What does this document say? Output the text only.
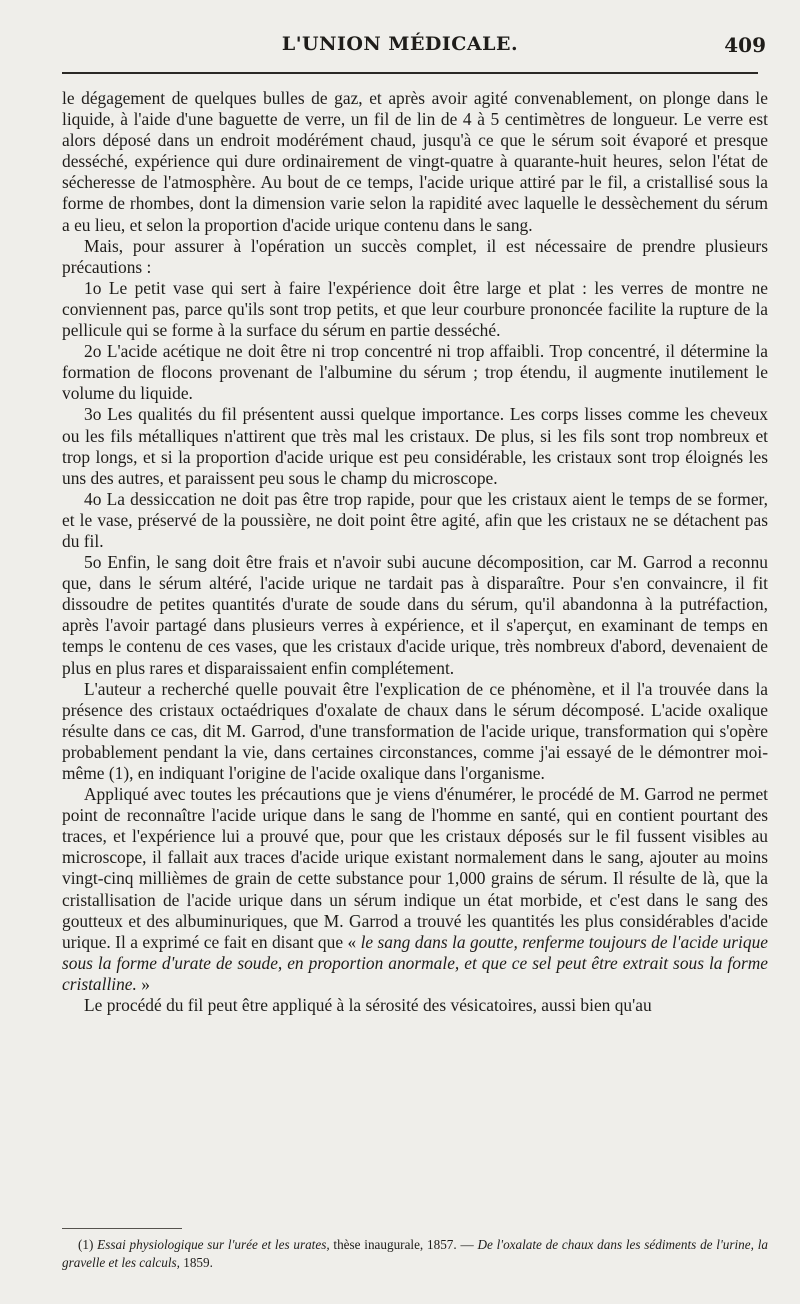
L'UNION MÉDICALE.	409

le dégagement de quelques bulles de gaz, et après avoir agité convenablement, on plonge dans le liquide, à l'aide d'une baguette de verre, un fil de lin de 4 à 5 centimètres de longueur. Le verre est alors déposé dans un endroit modérément chaud, jusqu'à ce que le sérum soit évaporé et presque desséché, expérience qui dure ordinairement de vingt-quatre à quarante-huit heures, selon l'état de sécheresse de l'atmosphère. Au bout de ce temps, l'acide urique attiré par le fil, a cristallisé sous la forme de rhombes, dont la dimension varie selon la rapidité avec laquelle le dessèchement du sérum a eu lieu, et selon la proportion d'acide urique contenu dans le sang.

Mais, pour assurer à l'opération un succès complet, il est nécessaire de prendre plusieurs précautions :

1o Le petit vase qui sert à faire l'expérience doit être large et plat : les verres de montre ne conviennent pas, parce qu'ils sont trop petits, et que leur courbure prononcée facilite la rupture de la pellicule qui se forme à la surface du sérum en partie desséché.

2o L'acide acétique ne doit être ni trop concentré ni trop affaibli. Trop concentré, il détermine la formation de flocons provenant de l'albumine du sérum ; trop étendu, il augmente inutilement le volume du liquide.

3o Les qualités du fil présentent aussi quelque importance. Les corps lisses comme les cheveux ou les fils métalliques n'attirent que très mal les cristaux. De plus, si les fils sont trop nombreux et trop longs, et si la proportion d'acide urique est peu considérable, les cristaux sont trop éloignés les uns des autres, et paraissent peu sous le champ du microscope.

4o La dessiccation ne doit pas être trop rapide, pour que les cristaux aient le temps de se former, et le vase, préservé de la poussière, ne doit point être agité, afin que les cristaux ne se détachent pas du fil.

5o Enfin, le sang doit être frais et n'avoir subi aucune décomposition, car M. Garrod a reconnu que, dans le sérum altéré, l'acide urique ne tardait pas à disparaître. Pour s'en convaincre, il fit dissoudre de petites quantités d'urate de soude dans du sérum, qu'il abandonna à la putréfaction, après l'avoir partagé dans plusieurs verres à expérience, et il s'aperçut, en examinant de temps en temps le contenu de ces vases, que les cristaux d'acide urique, très nombreux d'abord, devenaient de plus en plus rares et disparaissaient enfin complétement.

L'auteur a recherché quelle pouvait être l'explication de ce phénomène, et il l'a trouvée dans la présence des cristaux octaédriques d'oxalate de chaux dans le sérum décomposé. L'acide oxalique résulte dans ce cas, dit M. Garrod, d'une transformation de l'acide urique, transformation qui s'opère probablement pendant la vie, dans certaines circonstances, comme j'ai essayé de le démontrer moi-même (1), en indiquant l'origine de l'acide oxalique dans l'organisme.

Appliqué avec toutes les précautions que je viens d'énumérer, le procédé de M. Garrod ne permet point de reconnaître l'acide urique dans le sang de l'homme en santé, qui en contient pourtant des traces, et l'expérience lui a prouvé que, pour que les cristaux déposés sur le fil fussent visibles au microscope, il fallait aux traces d'acide urique existant normalement dans le sang, ajouter au moins vingt-cinq millièmes de grain de cette substance pour 1,000 grains de sérum. Il résulte de là, que la cristallisation de l'acide urique dans un sérum indique un état morbide, et c'est dans le sang des goutteux et des albuminuriques, que M. Garrod a trouvé les quantités les plus considérables d'acide urique. Il a exprimé ce fait en disant que « le sang dans la goutte, renferme toujours de l'acide urique sous la forme d'urate de soude, en proportion anormale, et que ce sel peut être extrait sous la forme cristalline. »

Le procédé du fil peut être appliqué à la sérosité des vésicatoires, aussi bien qu'au

(1) Essai physiologique sur l'urée et les urates, thèse inaugurale, 1857. — De l'oxalate de chaux dans les sédiments de l'urine, la gravelle et les calculs, 1859.
